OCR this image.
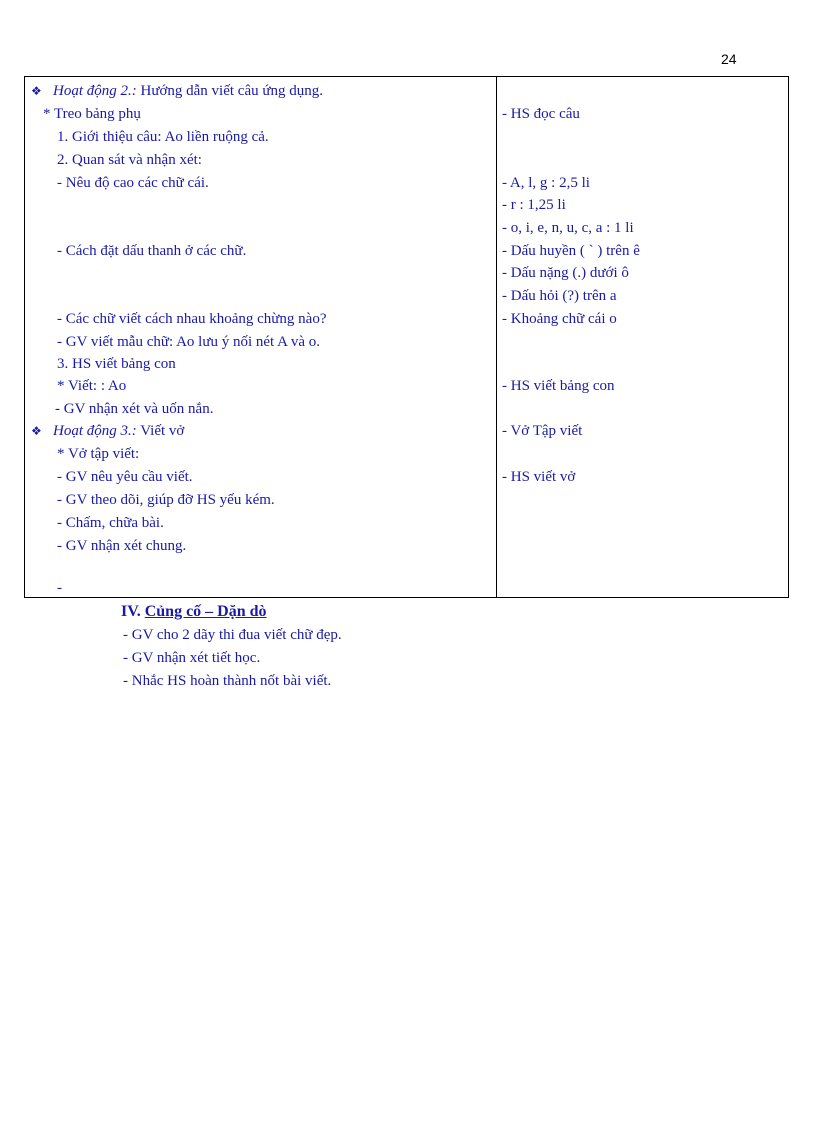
24
❖ Hoạt động 2.: Hướng dẫn viết câu ứng dụng.
* Treo bảng phụ
1. Giới thiệu câu: Ao liền ruộng cả.
2. Quan sát và nhận xét:
- Nêu độ cao các chữ cái.
- Cách đặt dấu thanh ở các chữ.
- Các chữ viết cách nhau khoảng chừng nào?
- GV viết mẫu chữ: Ao lưu ý nối nét A và o.
3. HS viết bảng con
* Viết: : Ao
- GV nhận xét và uốn nắn.
❖ Hoạt động 3.: Viết vở
* Vở tập viết:
- GV nêu yêu cầu viết.
- GV theo dõi, giúp đỡ HS yếu kém.
- Chấm, chữa bài.
- GV nhận xét chung.
-
- HS đọc câu
- A, l, g : 2,5 li
- r : 1,25 li
- o, i, e, n, u, c, a : 1 li
- Dấu huyền ( ` ) trên ê
- Dấu nặng (.) dưới ô
- Dấu hỏi (?) trên a
- Khoảng chữ cái o
- HS viết bảng con
- Vở Tập viết
- HS viết vở
IV. Củng cố – Dặn dò
- GV cho 2 dãy thi đua viết chữ đẹp.
- GV nhận xét tiết học.
- Nhắc HS hoàn thành nốt bài viết.
